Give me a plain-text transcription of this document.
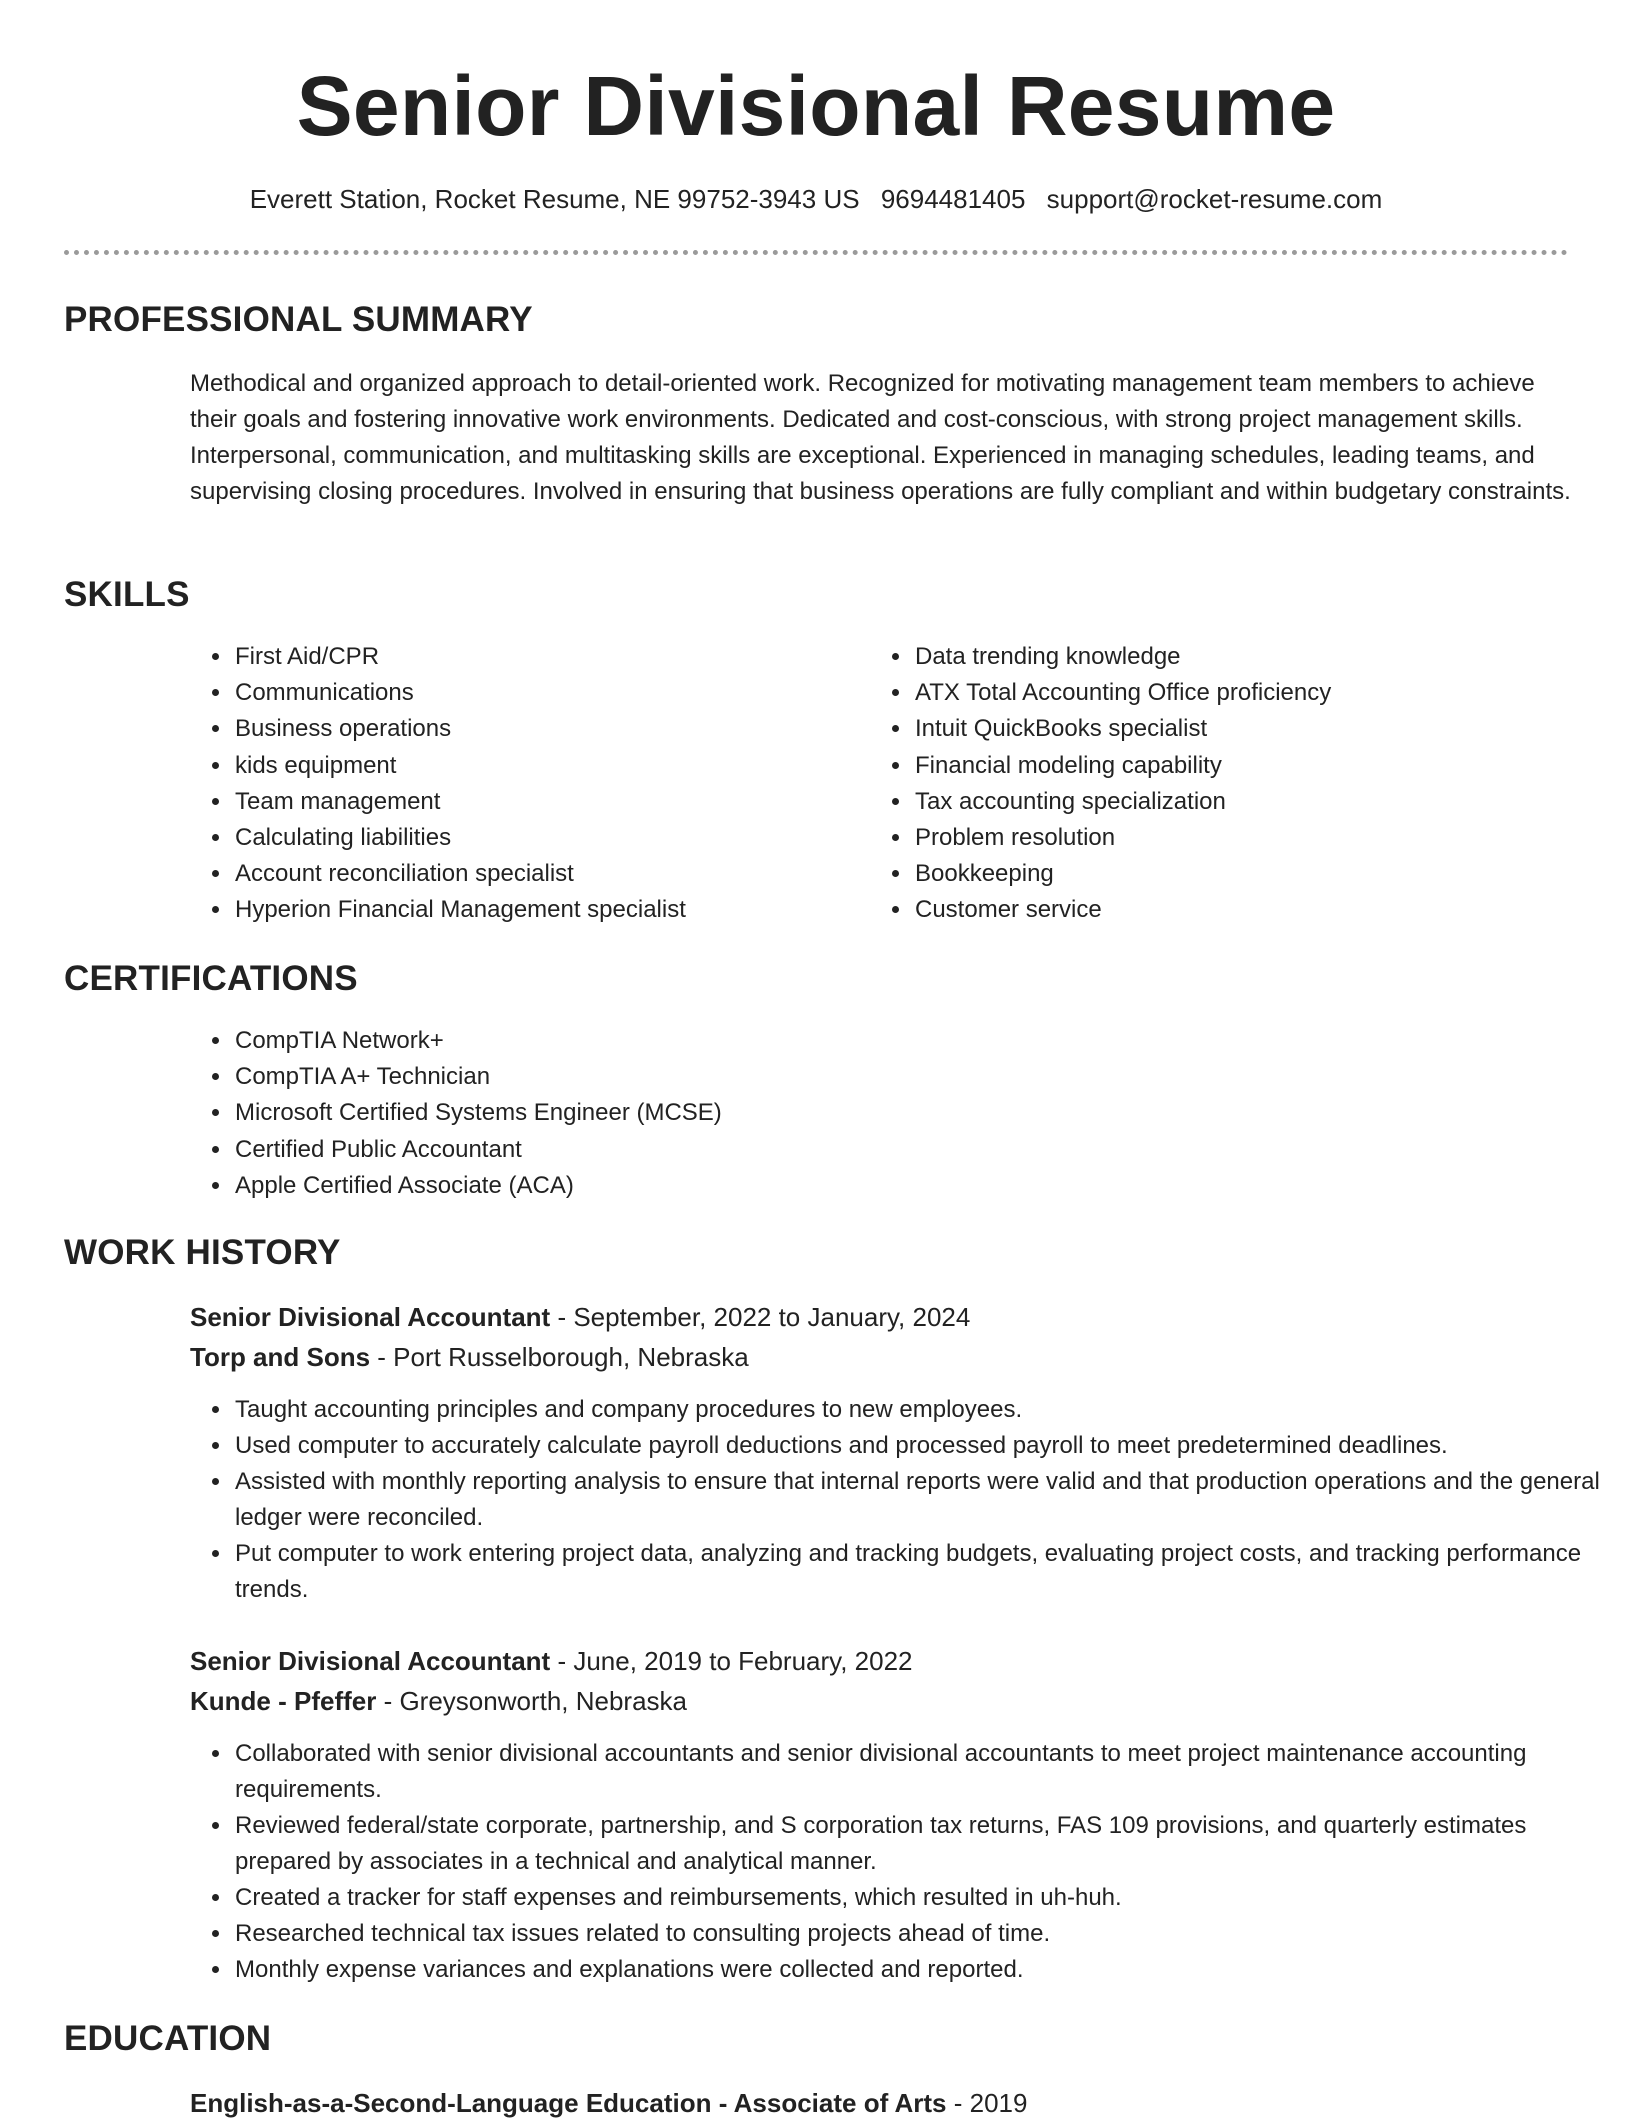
Senior Divisional Resume
Everett Station, Rocket Resume, NE 99752-3943 US 9694481405 support@rocket-resume.com
PROFESSIONAL SUMMARY

Methodical and organized approach to detail-oriented work. Recognized for motivating management team members to achieve their goals and fostering innovative work environments. Dedicated and cost-conscious, with strong project management skills. Interpersonal, communication, and multitasking skills are exceptional. Experienced in managing schedules, leading teams, and supervising closing procedures. Involved in ensuring that business operations are fully compliant and within budgetary constraints.

SKILLS
• First Aid/CPR
• Communications
• Business operations
• kids equipment
• Team management
• Calculating liabilities
• Account reconciliation specialist
• Hyperion Financial Management specialist
• Data trending knowledge
• ATX Total Accounting Office proficiency
• Intuit QuickBooks specialist
• Financial modeling capability
• Tax accounting specialization
• Problem resolution
• Bookkeeping
• Customer service
CERTIFICATIONS
• CompTIA Network+
• CompTIA A+ Technician
• Microsoft Certified Systems Engineer (MCSE)
• Certified Public Accountant
• Apple Certified Associate (ACA)
WORK HISTORY
Senior Divisional Accountant - September, 2022 to January, 2024
Torp and Sons - Port Russelborough, Nebraska
• Taught accounting principles and company procedures to new employees.
• Used computer to accurately calculate payroll deductions and processed payroll to meet predetermined deadlines.
• Assisted with monthly reporting analysis to ensure that internal reports were valid and that production operations and the general ledger were reconciled.
• Put computer to work entering project data, analyzing and tracking budgets, evaluating project costs, and tracking performance trends.
Senior Divisional Accountant - June, 2019 to February, 2022
Kunde - Pfeffer - Greysonworth, Nebraska
• Collaborated with senior divisional accountants and senior divisional accountants to meet project maintenance accounting requirements.
• Reviewed federal/state corporate, partnership, and S corporation tax returns, FAS 109 provisions, and quarterly estimates prepared by associates in a technical and analytical manner.
• Created a tracker for staff expenses and reimbursements, which resulted in uh-huh.
• Researched technical tax issues related to consulting projects ahead of time.
• Monthly expense variances and explanations were collected and reported.
EDUCATION
English-as-a-Second-Language Education - Associate of Arts - 2019
